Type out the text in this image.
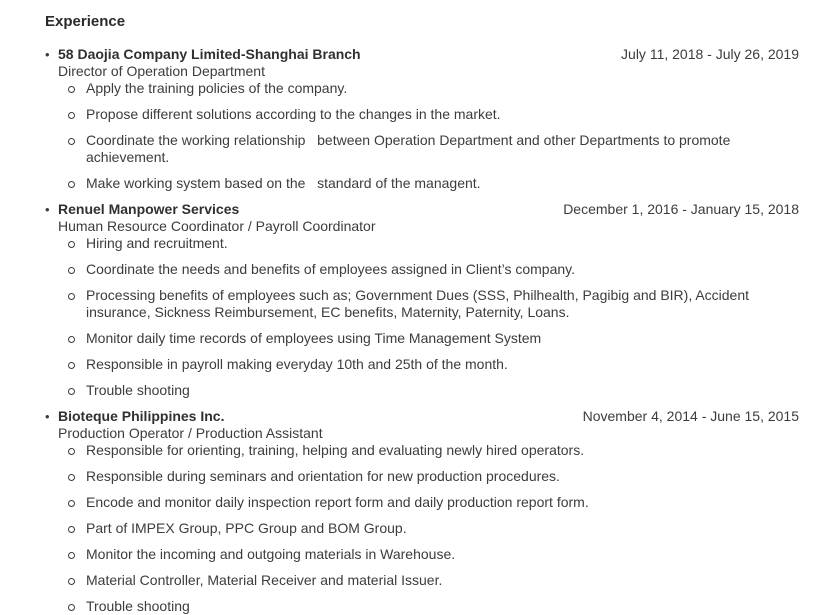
Experience
• 58 Daojia Company Limited-Shanghai Branch	July 11, 2018 - July 26, 2019
Director of Operation Department
Apply the training policies of the company.
Propose different solutions according to the changes in the market.
Coordinate the working relationship   between Operation Department and other Departments to promote achievement.
Make working system based on the   standard of the managent.
• Renuel Manpower Services	December 1, 2016 - January 15, 2018
Human Resource Coordinator / Payroll Coordinator
Hiring and recruitment.
Coordinate the needs and benefits of employees assigned in Client’s company.
Processing benefits of employees such as; Government Dues (SSS, Philhealth, Pagibig and BIR), Accident insurance, Sickness Reimbursement, EC benefits, Maternity, Paternity, Loans.
Monitor daily time records of employees using Time Management System
Responsible in payroll making everyday 10th and 25th of the month.
Trouble shooting
• Bioteque Philippines Inc.	November 4, 2014 - June 15, 2015
Production Operator / Production Assistant
Responsible for orienting, training, helping and evaluating newly hired operators.
Responsible during seminars and orientation for new production procedures.
Encode and monitor daily inspection report form and daily production report form.
Part of IMPEX Group, PPC Group and BOM Group.
Monitor the incoming and outgoing materials in Warehouse.
Material Controller, Material Receiver and material Issuer.
Trouble shooting
